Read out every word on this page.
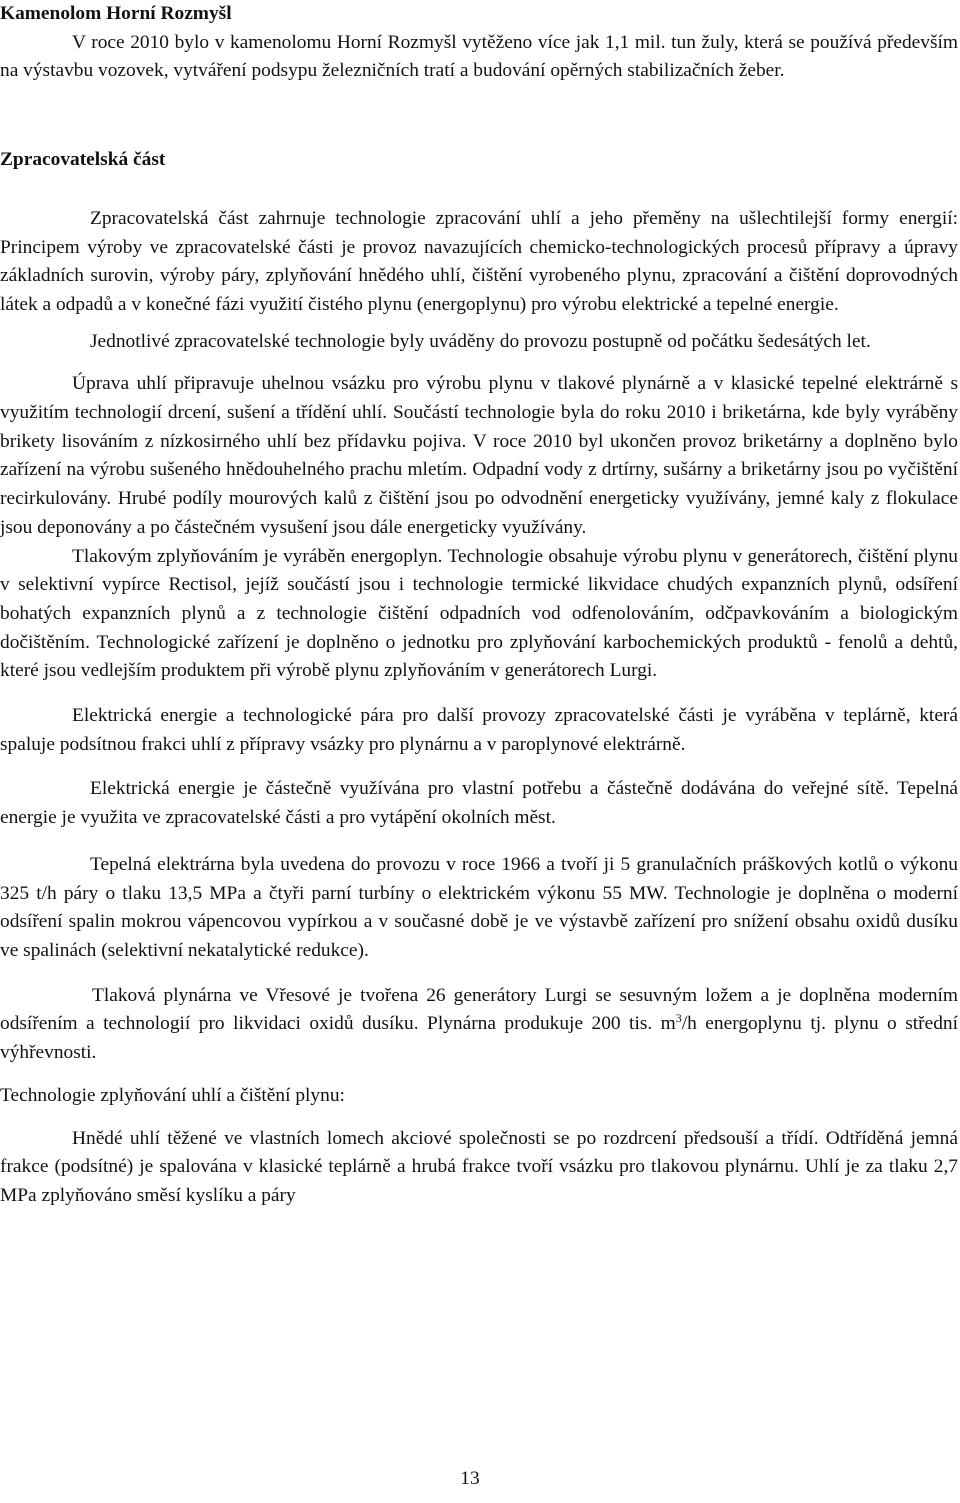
Kamenolom Horní Rozmyšl

V roce 2010 bylo v kamenolomu Horní Rozmyšl vytěženo více jak 1,1 mil. tun žuly, která se používá především na výstavbu vozovek, vytváření podsypu železničních tratí a budování opěrných stabilizačních žeber.

Zpracovatelská část

Zpracovatelská část zahrnuje technologie zpracování uhlí a jeho přeměny na ušlechtilejší formy energií: Principem výroby ve zpracovatelské části je provoz navazujících chemicko-technologických procesů přípravy a úpravy základních surovin, výroby páry, zplyňování hnědého uhlí, čištění vyrobeného plynu, zpracování a čištění doprovodných látek a odpadů a v konečné fázi využití čistého plynu (energoplynu) pro výrobu elektrické a tepelné energie.

Jednotlivé zpracovatelské technologie byly uváděny do provozu postupně od počátku šedesátých let.

Úprava uhlí připravuje uhelnou vsázku pro výrobu plynu v tlakové plynárně a v klasické tepelné elektrárně s využitím technologií drcení, sušení a třídění uhlí. Součástí technologie byla do roku 2010 i briketárna, kde byly vyráběny brikety lisováním z nízkosirného uhlí bez přídavku pojiva. V roce 2010 byl ukončen provoz briketárny a doplněno bylo zařízení na výrobu sušeného hnědouhelného prachu mletím. Odpadní vody z drtírny, sušárny a briketárny jsou po vyčištění recirkulovány. Hrubé podíly mourových kalů z čištění jsou po odvodnění energeticky využívány, jemné kaly z flokulace jsou deponovány a po částečném vysušení jsou dále energeticky využívány.

Tlakovým zplyňováním je vyráběn energoplyn. Technologie obsahuje výrobu plynu v generátorech, čištění plynu v selektivní vypírce Rectisol, jejíž součástí jsou i technologie termické likvidace chudých expanzních plynů, odsíření bohatých expanzních plynů a z technologie čištění odpadních vod odfenolováním, odčpavkováním a biologickým dočištěním. Technologické zařízení je doplněno o jednotku pro zplyňování karbochemických produktů - fenolů a dehtů, které jsou vedlejším produktem při výrobě plynu zplyňováním v generátorech Lurgi.

Elektrická energie a technologické pára pro další provozy zpracovatelské části je vyráběna v teplárně, která spaluje podsítnou frakci uhlí z přípravy vsázky pro plynárnu a v paroplynové elektrárně.

Elektrická energie je částečně využívána pro vlastní potřebu a částečně dodávána do veřejné sítě. Tepelná energie je využita ve zpracovatelské části a pro vytápění okolních měst.

Tepelná elektrárna byla uvedena do provozu v roce 1966 a tvoří ji 5 granulačních práškových kotlů o výkonu 325 t/h páry o tlaku 13,5 MPa a čtyři parní turbíny o elektrickém výkonu 55 MW. Technologie je doplněna o moderní odsíření spalin mokrou vápencovou vypírkou a v současné době je ve výstavbě zařízení pro snížení obsahu oxidů dusíku ve spalinách (selektivní nekatalytické redukce).

Tlaková plynárna ve Vřesové je tvořena 26 generátory Lurgi se sesuvným ložem a je doplněna moderním odsířením a technologií pro likvidaci oxidů dusíku. Plynárna produkuje 200 tis. $m^3/h$ energoplynu tj. plynu o střední výhřevnosti.

Technologie zplyňování uhlí a čištění plynu:

Hnědé uhlí těžené ve vlastních lomech akciové společnosti se po rozdrcení předsouší a třídí. Odtříděná jemná frakce (podsítné) je spalována v klasické teplárně a hrubá frakce tvoří vsázku pro tlakovou plynárnu. Uhlí je za tlaku 2,7 MPa zplyňováno směsí kyslíku a páry

13
